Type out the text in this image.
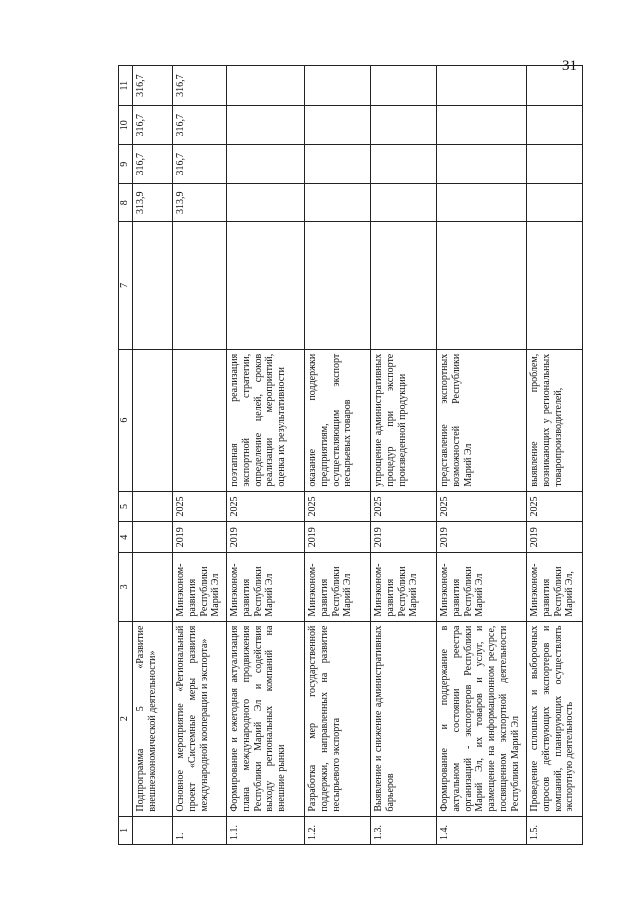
31
1	2	3	4	5	6	7	8	9	10	11
	Подпрограмма 5 «Развитие внешнеэкономической деятельности»						313,9	316,7	316,7	316,7
1.	Основное мероприятие «Региональный проект «Системные меры развития международной кооперации и экспорта»	Минэконом-развития Республики Марий Эл	2019	2025			313,9	316,7	316,7	316,7
1.1.	Формирование и ежегодная актуализация плана международного продвижения Республики Марий Эл и содействия выходу региональных компаний на внешние рынки	Минэконом-развития Республики Марий Эл	2019	2025	поэтапная реализация экспортной стратегии, определение целей, сроков реализации мероприятий, оценка их результативности					
1.2.	Разработка мер государственной поддержки, направленных на развитие несырьевого экспорта	Минэконом-развития Республики Марий Эл	2019	2025	оказание поддержки предприятиям, осуществляющим экспорт несырьевых товаров					
1.3.	Выявление и снижение административных барьеров	Минэконом-развития Республики Марий Эл	2019	2025	упрощение административных процедур при экспорте произведенной продукции					
1.4.	Формирование и поддержание в актуальном состоянии реестра организаций - экспортеров Республики Марий Эл, их товаров и услуг, и размещение на информационном ресурсе, посвященном экспортной деятельности Республики Марий Эл	Минэконом-развития Республики Марий Эл	2019	2025	представление экспортных возможностей Республики Марий Эл					
1.5.	Проведение сплошных и выборочных опросов действующих экспортеров и компаний, планирующих осуществлять экспортную деятельность	Минэконом-развития Республики Марий Эл,	2019	2025	выявление проблем, возникающих у региональных товаропроизводителей,					
